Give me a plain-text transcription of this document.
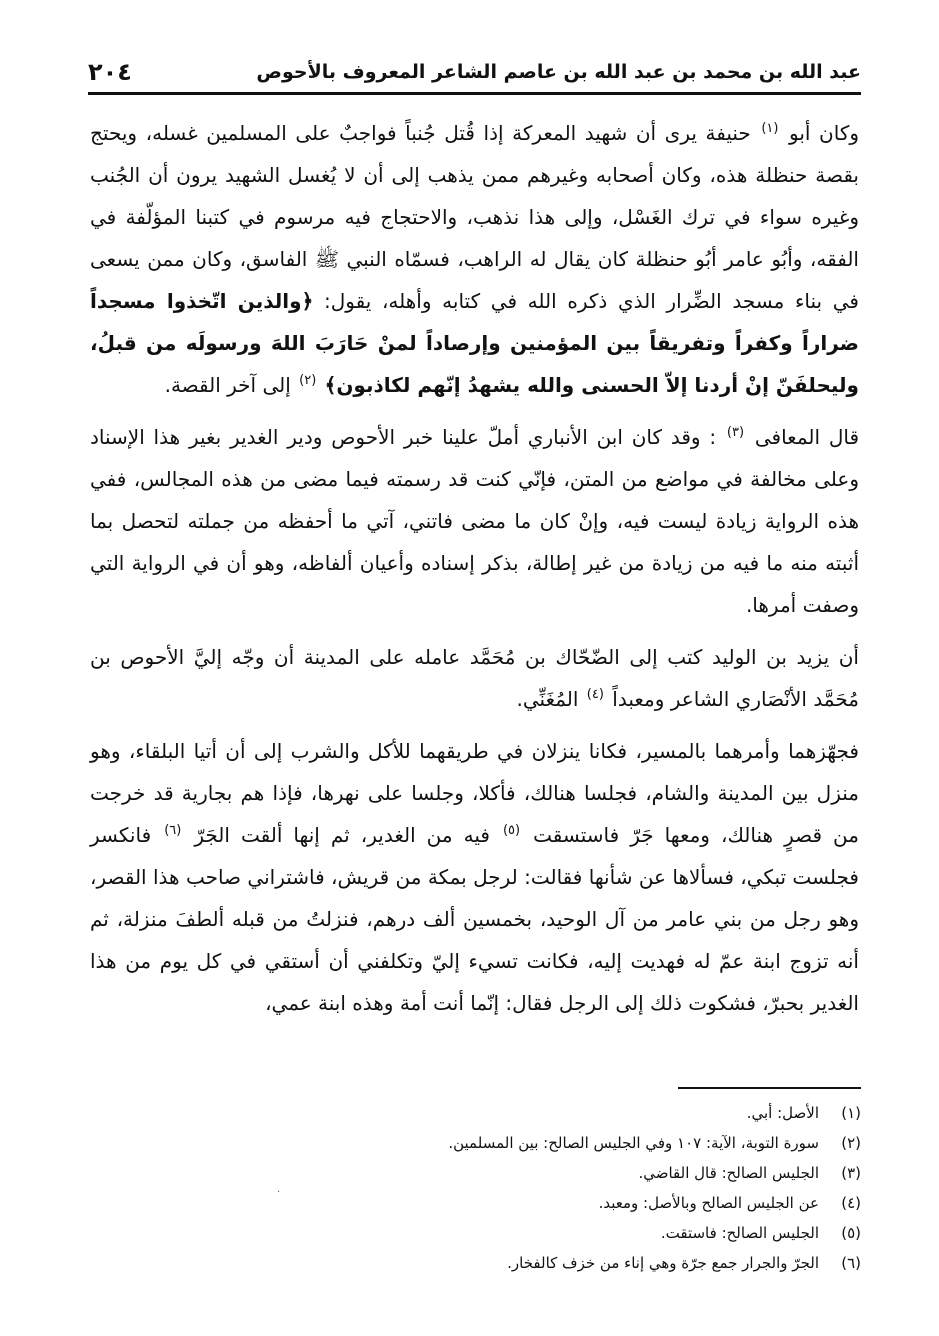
عبد الله بن محمد بن عبد الله بن عاصم الشاعر المعروف بالأحوص
٢٠٤

وكان أبو $^{(١)}$ حنيفة يرى أن شهيد المعركة إذا قُتل جُنباً فواجبٌ على المسلمين غسله، ويحتج بقصة حنظلة هذه، وكان أصحابه وغيرهم ممن يذهب إلى أن لا يُغسل الشهيد يرون أن الجُنب وغيره سواء في ترك الغَسْل، وإلى هذا نذهب، والاحتجاج فيه مرسوم في كتبنا المؤلّفة في الفقه، وأبُو عامر أبُو حنظلة كان يقال له الراهب، فسمّاه النبي ﷺ الفاسق، وكان ممن يسعى في بناء مسجد الضِّرار الذي ذكره الله في كتابه وأهله، يقول: ﴿والذين اتّخذوا مسجداً ضراراً وكفراً وتفريقاً بين المؤمنين وإرصاداً لمنْ حَارَبَ اللهَ ورسولَه من قبلُ، وليحلفَنّ إنْ أردنا إلاّ الحسنى والله يشهدُ إنّهم لكاذبون﴾ $^{(٢)}$ إلى آخر القصة.

قال المعافى $^{(٣)}$ : وقد كان ابن الأنباري أملّ علينا خبر الأحوص ودير الغدير بغير هذا الإسناد وعلى مخالفة في مواضع من المتن، فإنّي كنت قد رسمته فيما مضى من هذه المجالس، ففي هذه الرواية زيادة ليست فيه، وإنْ كان ما مضى فاتني، آتي ما أحفظه من جملته لتحصل بما أثبته منه ما فيه من زيادة من غير إطالة، بذكر إسناده وأعيان ألفاظه، وهو أن في الرواية التي وصفت أمرها.

أن يزيد بن الوليد كتب إلى الضّحّاك بن مُحَمَّد عامله على المدينة أن وجّه إليَّ الأحوص بن مُحَمَّد الأنْصَاري الشاعر ومعبداً $^{(٤)}$ المُغَنِّي.

فجهّزهما وأمرهما بالمسير، فكانا ينزلان في طريقهما للأكل والشرب إلى أن أتيا البلقاء، وهو منزل بين المدينة والشام، فجلسا هنالك، فأكلا، وجلسا على نهرها، فإذا هم بجارية قد خرجت من قصرٍ هنالك، ومعها جَرّ فاستسقت $^{(٥)}$ فيه من الغدير، ثم إنها ألقت الجَرّ $^{(٦)}$ فانكسر فجلست تبكي، فسألاها عن شأنها فقالت: لرجل بمكة من قريش، فاشتراني صاحب هذا القصر، وهو رجل من بني عامر من آل الوحيد، بخمسين ألف درهم، فنزلتُ من قبله ألطفَ منزلة، ثم أنه تزوج ابنة عمّ له فهديت إليه، فكانت تسيء إليّ وتكلفني أن أستقي في كل يوم من هذا الغدير بحبرّ، فشكوت ذلك إلى الرجل فقال: إنّما أنت أمة وهذه ابنة عمي،

(١)
الأصل: أبي.
(٢)
سورة التوبة، الآية: ١٠٧ وفي الجليس الصالح: بين المسلمين.
(٣)
الجليس الصالح: قال القاضي.
(٤)
عن الجليس الصالح وبالأصل: ومعبد.
(٥)
الجليس الصالح: فاستقت.
(٦)
الجرّ والجرار جمع جرّة وهي إناء من خزف كالفخار.
·
